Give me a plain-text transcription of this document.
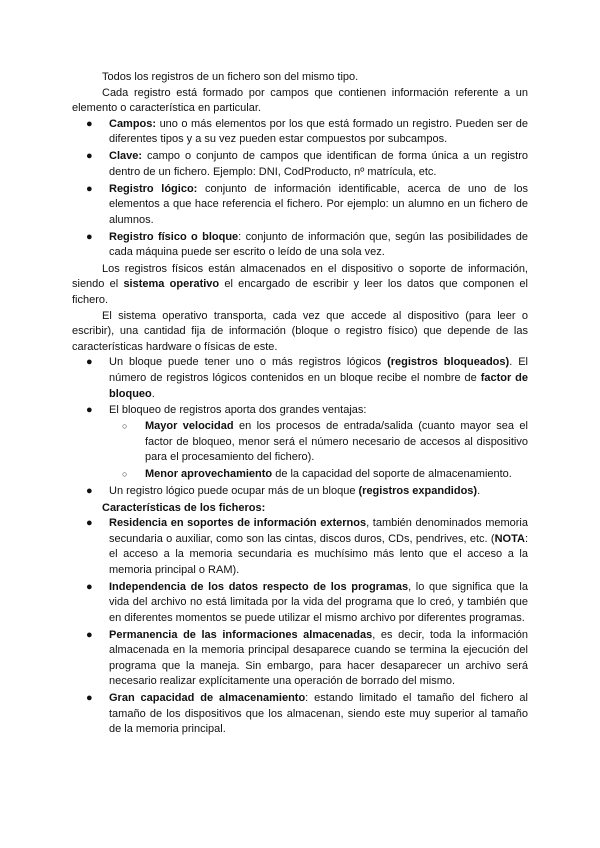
Todos los registros de un fichero son del mismo tipo.

Cada registro está formado por campos que contienen información referente a un elemento o característica en particular.

● Campos: uno o más elementos por los que está formado un registro. Pueden ser de diferentes tipos y a su vez pueden estar compuestos por subcampos.
● Clave: campo o conjunto de campos que identifican de forma única a un registro dentro de un fichero. Ejemplo: DNI, CodProducto, nº matrícula, etc.
● Registro lógico: conjunto de información identificable, acerca de uno de los elementos a que hace referencia el fichero. Por ejemplo: un alumno en un fichero de alumnos.
● Registro físico o bloque: conjunto de información que, según las posibilidades de cada máquina puede ser escrito o leído de una sola vez.

Los registros físicos están almacenados en el dispositivo o soporte de información, siendo el sistema operativo el encargado de escribir y leer los datos que componen el fichero.

El sistema operativo transporta, cada vez que accede al dispositivo (para leer o escribir), una cantidad fija de información (bloque o registro físico) que depende de las características hardware o físicas de este.

● Un bloque puede tener uno o más registros lógicos (registros bloqueados). El número de registros lógicos contenidos en un bloque recibe el nombre de factor de bloqueo.
● El bloqueo de registros aporta dos grandes ventajas:
○ Mayor velocidad en los procesos de entrada/salida (cuanto mayor sea el factor de bloqueo, menor será el número necesario de accesos al dispositivo para el procesamiento del fichero).
○ Menor aprovechamiento de la capacidad del soporte de almacenamiento.
● Un registro lógico puede ocupar más de un bloque (registros expandidos).

Características de los ficheros:

● Residencia en soportes de información externos, también denominados memoria secundaria o auxiliar, como son las cintas, discos duros, CDs, pendrives, etc. (NOTA: el acceso a la memoria secundaria es muchísimo más lento que el acceso a la memoria principal o RAM).
● Independencia de los datos respecto de los programas, lo que significa que la vida del archivo no está limitada por la vida del programa que lo creó, y también que en diferentes momentos se puede utilizar el mismo archivo por diferentes programas.
● Permanencia de las informaciones almacenadas, es decir, toda la información almacenada en la memoria principal desaparece cuando se termina la ejecución del programa que la maneja. Sin embargo, para hacer desaparecer un archivo será necesario realizar explícitamente una operación de borrado del mismo.
● Gran capacidad de almacenamiento: estando limitado el tamaño del fichero al tamaño de los dispositivos que los almacenan, siendo este muy superior al tamaño de la memoria principal.
